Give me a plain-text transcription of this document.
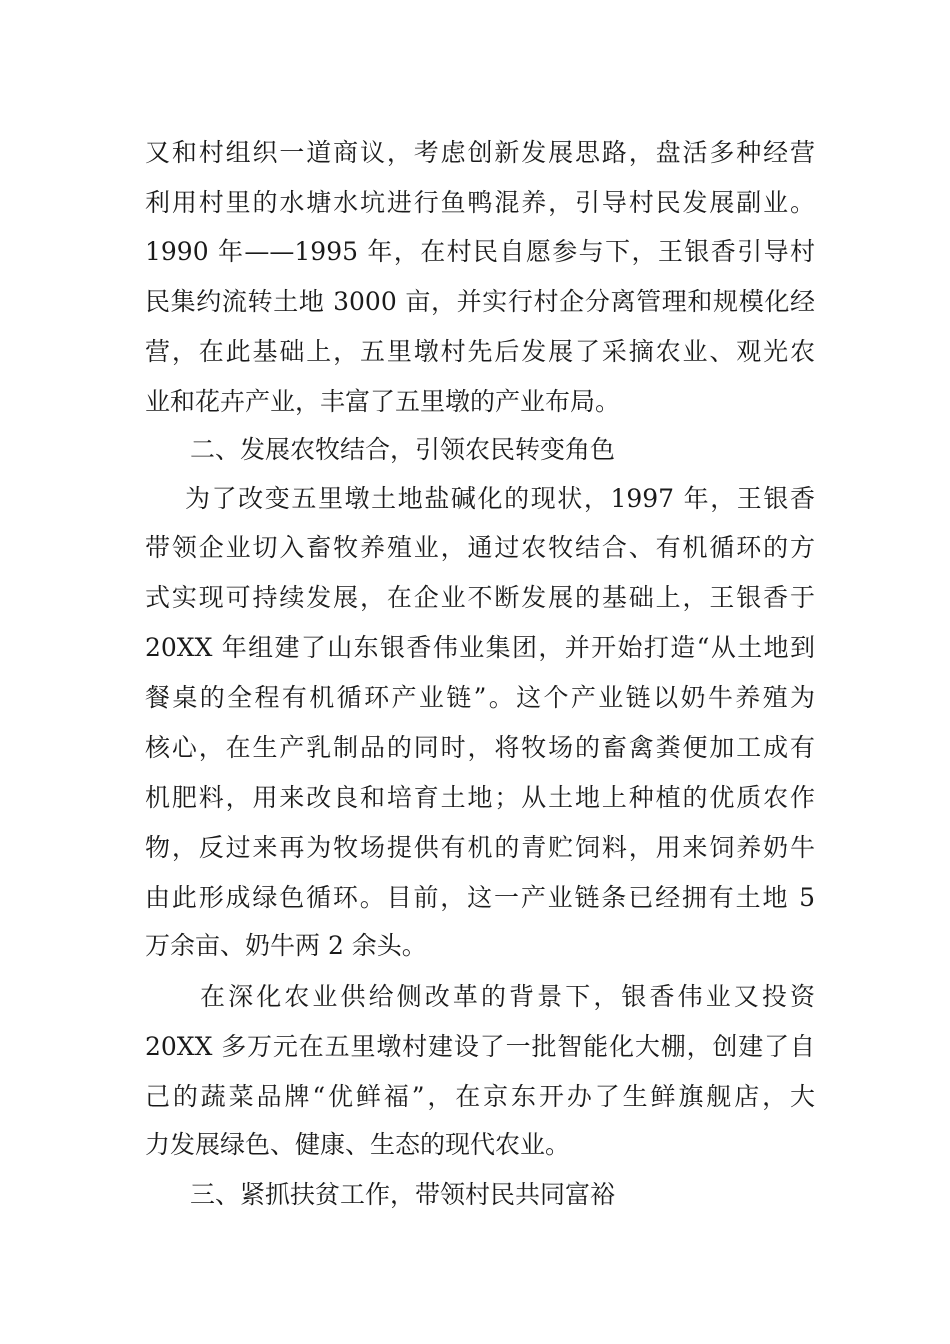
又和村组织一道商议，考虑创新发展思路，盘活多种经营
利用村里的水塘水坑进行鱼鸭混养，引导村民发展副业。
1990 年——1995 年，在村民自愿参与下，王银香引导村
民集约流转土地 3000 亩，并实行村企分离管理和规模化经
营，在此基础上，五里墩村先后发展了采摘农业、观光农
业和花卉产业，丰富了五里墩的产业布局。
二、发展农牧结合，引领农民转变角色
为了改变五里墩土地盐碱化的现状，1997 年，王银香
带领企业切入畜牧养殖业，通过农牧结合、有机循环的方
式实现可持续发展，在企业不断发展的基础上，王银香于
20XX 年组建了山东银香伟业集团，并开始打造“从土地到
餐桌的全程有机循环产业链”。这个产业链以奶牛养殖为
核心，在生产乳制品的同时，将牧场的畜禽粪便加工成有
机肥料，用来改良和培育土地；从土地上种植的优质农作
物，反过来再为牧场提供有机的青贮饲料，用来饲养奶牛
由此形成绿色循环。目前，这一产业链条已经拥有土地 5
万余亩、奶牛两 2 余头。
在深化农业供给侧改革的背景下，银香伟业又投资
20XX 多万元在五里墩村建设了一批智能化大棚，创建了自
己的蔬菜品牌“优鲜福”，在京东开办了生鲜旗舰店，大
力发展绿色、健康、生态的现代农业。
三、紧抓扶贫工作，带领村民共同富裕
